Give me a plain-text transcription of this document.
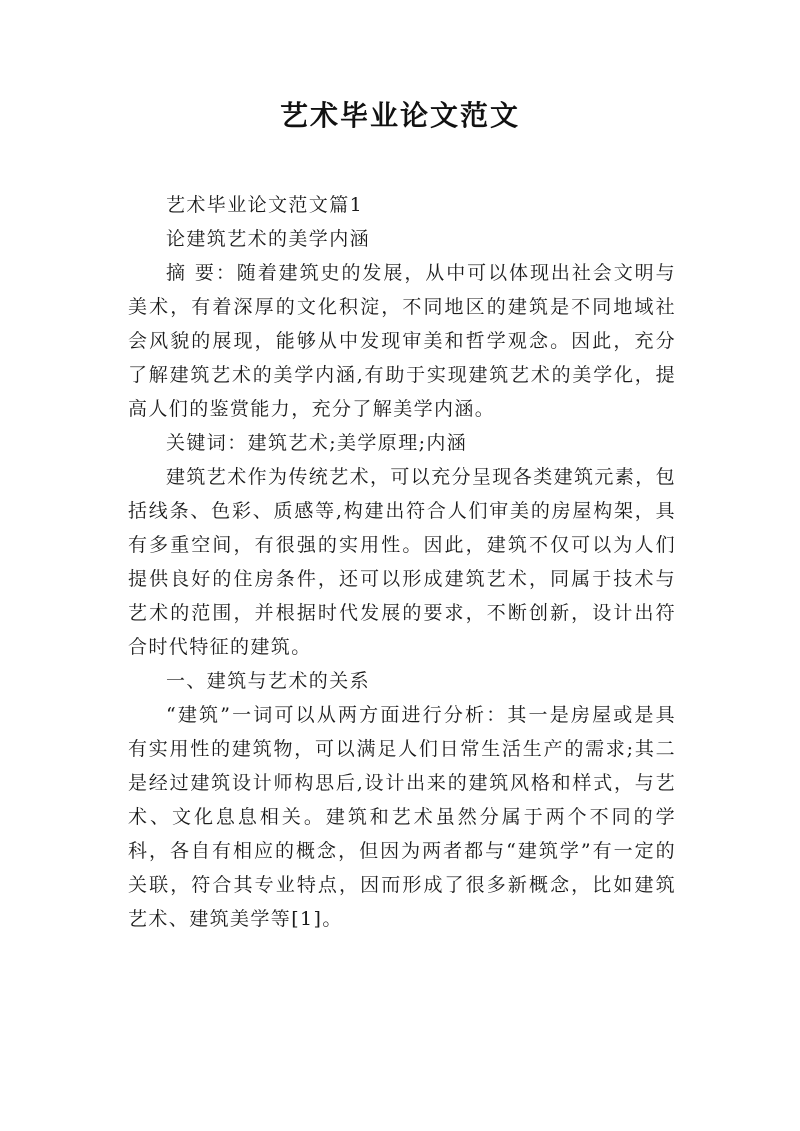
艺术毕业论文范文

艺术毕业论文范文篇1

论建筑艺术的美学内涵

摘 要：随着建筑史的发展，从中可以体现出社会文明与美术，有着深厚的文化积淀，不同地区的建筑是不同地域社会风貌的展现，能够从中发现审美和哲学观念。因此，充分了解建筑艺术的美学内涵,有助于实现建筑艺术的美学化，提高人们的鉴赏能力，充分了解美学内涵。

关键词：建筑艺术;美学原理;内涵

建筑艺术作为传统艺术，可以充分呈现各类建筑元素，包括线条、色彩、质感等,构建出符合人们审美的房屋构架，具有多重空间，有很强的实用性。因此，建筑不仅可以为人们提供良好的住房条件，还可以形成建筑艺术，同属于技术与艺术的范围，并根据时代发展的要求，不断创新，设计出符合时代特征的建筑。

一、建筑与艺术的关系

“建筑”一词可以从两方面进行分析：其一是房屋或是具有实用性的建筑物，可以满足人们日常生活生产的需求;其二是经过建筑设计师构思后,设计出来的建筑风格和样式，与艺术、文化息息相关。建筑和艺术虽然分属于两个不同的学科，各自有相应的概念，但因为两者都与“建筑学”有一定的关联，符合其专业特点，因而形成了很多新概念，比如建筑艺术、建筑美学等[1]。
